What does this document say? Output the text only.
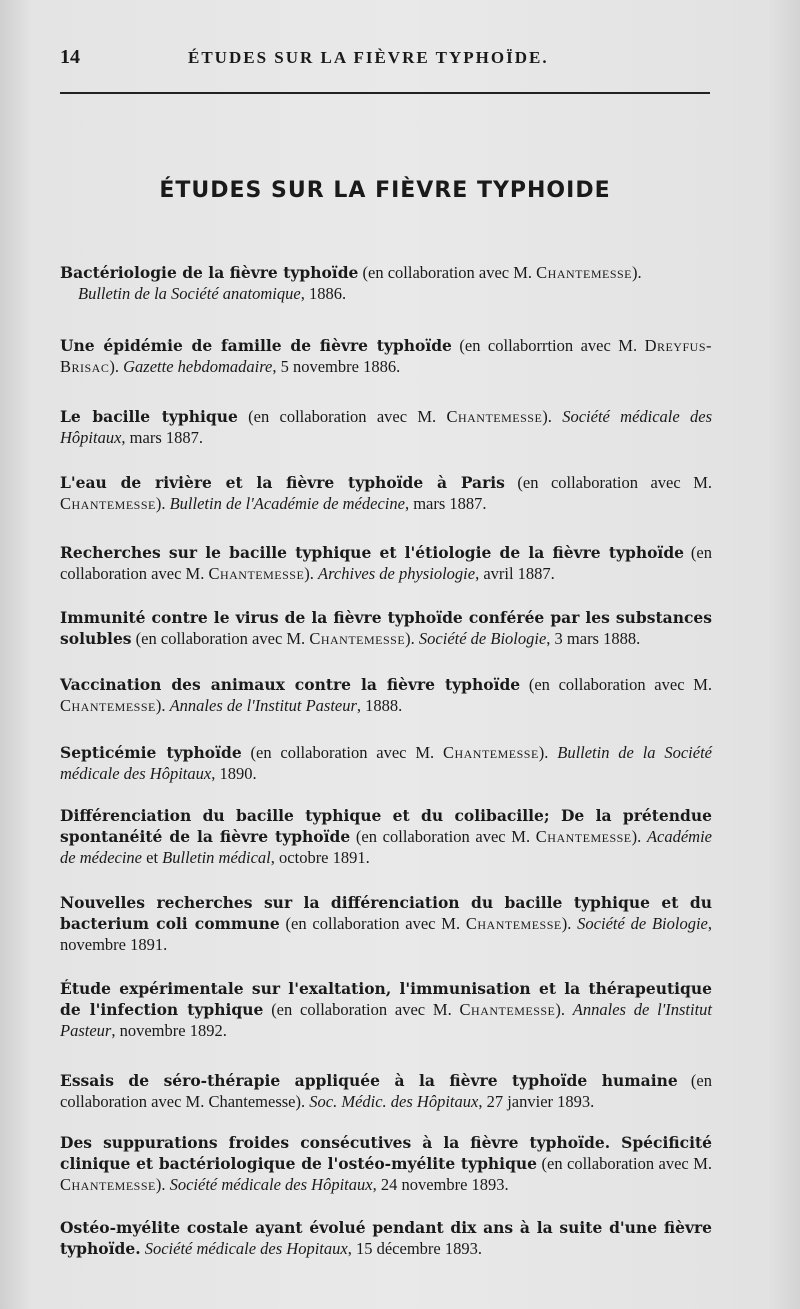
14	ÉTUDES SUR LA FIÈVRE TYPHOÏDE.
ÉTUDES SUR LA FIÈVRE TYPHOIDE

Bactériologie de la fièvre typhoïde (en collaboration avec M. Chantemesse).

Bulletin de la Société anatomique, 1886.

Une épidémie de famille de fièvre typhoïde (en collaborrtion avec M. Dreyfus-Brisac). Gazette hebdomadaire, 5 novembre 1886.

Le bacille typhique (en collaboration avec M. Chantemesse). Société médicale des Hôpitaux, mars 1887.

L'eau de rivière et la fièvre typhoïde à Paris (en collaboration avec M. Chantemesse). Bulletin de l'Académie de médecine, mars 1887.

Recherches sur le bacille typhique et l'étiologie de la fièvre typhoïde (en collaboration avec M. Chantemesse). Archives de physiologie, avril 1887.

Immunité contre le virus de la fièvre typhoïde conférée par les substances solubles (en collaboration avec M. Chantemesse). Société de Biologie, 3 mars 1888.

Vaccination des animaux contre la fièvre typhoïde (en collaboration avec M. Chantemesse). Annales de l'Institut Pasteur, 1888.

Septicémie typhoïde (en collaboration avec M. Chantemesse). Bulletin de la Société médicale des Hôpitaux, 1890.

Différenciation du bacille typhique et du colibacille; De la prétendue spontanéité de la fièvre typhoïde (en collaboration avec M. Chantemesse). Académie de médecine et Bulletin médical, octobre 1891.

Nouvelles recherches sur la différenciation du bacille typhique et du bacterium coli commune (en collaboration avec M. Chantemesse). Société de Biologie, novembre 1891.

Étude expérimentale sur l'exaltation, l'immunisation et la thérapeutique de l'infection typhique (en collaboration avec M. Chantemesse). Annales de l'Institut Pasteur, novembre 1892.

Essais de séro-thérapie appliquée à la fièvre typhoïde humaine (en collaboration avec M. Chantemesse). Soc. Médic. des Hôpitaux, 27 janvier 1893.

Des suppurations froides consécutives à la fièvre typhoïde. Spécificité clinique et bactériologique de l'ostéo-myélite typhique (en collaboration avec M. Chantemesse). Société médicale des Hôpitaux, 24 novembre 1893.

Ostéo-myélite costale ayant évolué pendant dix ans à la suite d'une fièvre typhoïde. Société médicale des Hopitaux, 15 décembre 1893.
